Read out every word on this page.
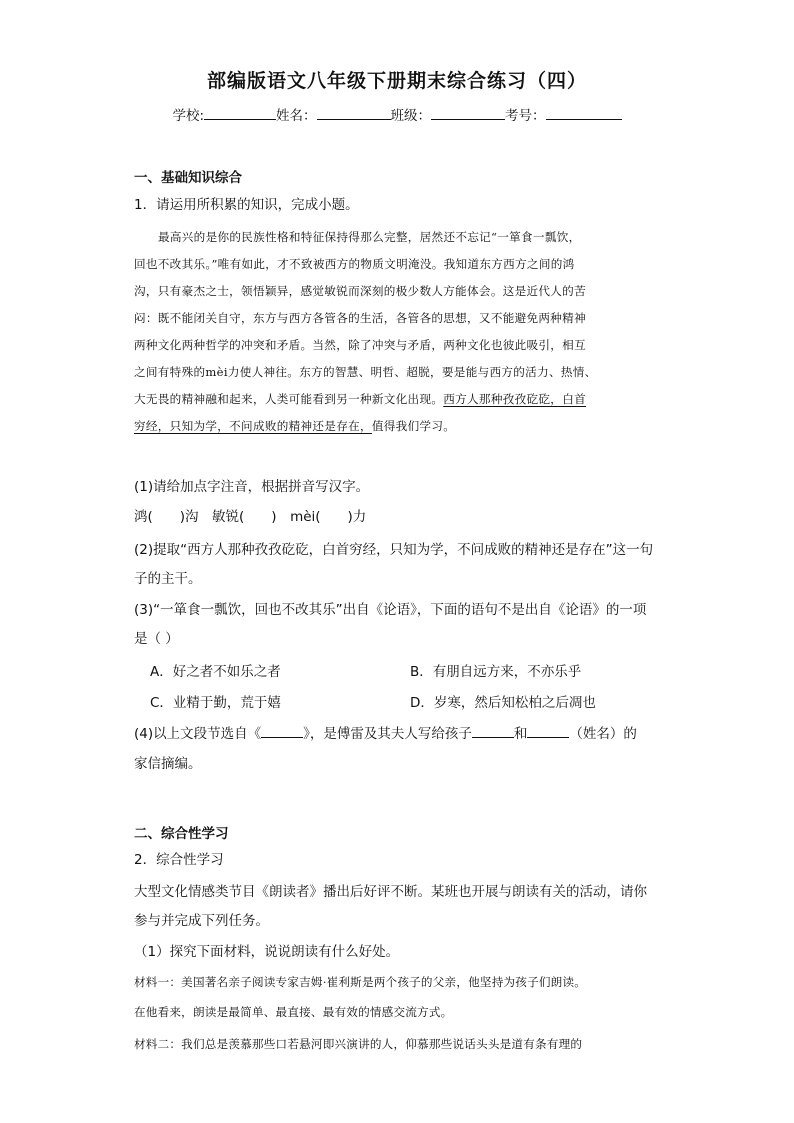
部编版语文八年级下册期末综合练习（四）
学校:	姓名：	班级：	考号：
一、基础知识综合
1．请运用所积累的知识，完成小题。
最高兴的是你的民族性格和特征保持得那么完整，居然还不忘记“一箪食一瓢饮，
回也不改其乐。”唯有如此，才不致被西方的物质文明淹没。我知道东方西方之间的鸿
沟，只有豪杰之士，领悟颖异，感觉敏锐而深刻的极少数人方能体会。这是近代人的苦
闷：既不能闭关自守，东方与西方各管各的生活，各管各的思想，又不能避免两种精神
两种文化两种哲学的冲突和矛盾。当然，除了冲突与矛盾，两种文化也彼此吸引，相互
之间有特殊的mèi力使人神往。东方的智慧、明哲、超脱，要是能与西方的活力、热情、
大无畏的精神融和起来，人类可能看到另一种新文化出现。西方人那种孜孜矻矻，白首
穷经，只知为学，不问成败的精神还是存在，值得我们学习。
(1)请给加点字注音，根据拼音写汉字。
鸿(　　)沟　敏锐(　　)　mèi(　　)力
(2)提取“西方人那种孜孜矻矻，白首穷经，只知为学，不问成败的精神还是存在”这一句
子的主干。
(3)“一箪食一瓢饮，回也不改其乐”出自《论语》，下面的语句不是出自《论语》的一项
是（ ）
A．好之者不如乐之者	B．有朋自远方来，不亦乐乎
C．业精于勤，荒于嬉	D．岁寒，然后知松柏之后凋也
(4)以上文段节选自《	》，是傅雷及其夫人写给孩子	和	（姓名）的
家信摘编。
二、综合性学习
2．综合性学习
大型文化情感类节目《朗读者》播出后好评不断。某班也开展与朗读有关的活动，请你
参与并完成下列任务。
（1）探究下面材料，说说朗读有什么好处。
材料一：美国著名亲子阅读专家吉姆·崔利斯是两个孩子的父亲，他坚持为孩子们朗读。
在他看来，朗读是最简单、最直接、最有效的情感交流方式。
材料二：我们总是羡慕那些口若悬河即兴演讲的人，仰慕那些说话头头是道有条有理的
